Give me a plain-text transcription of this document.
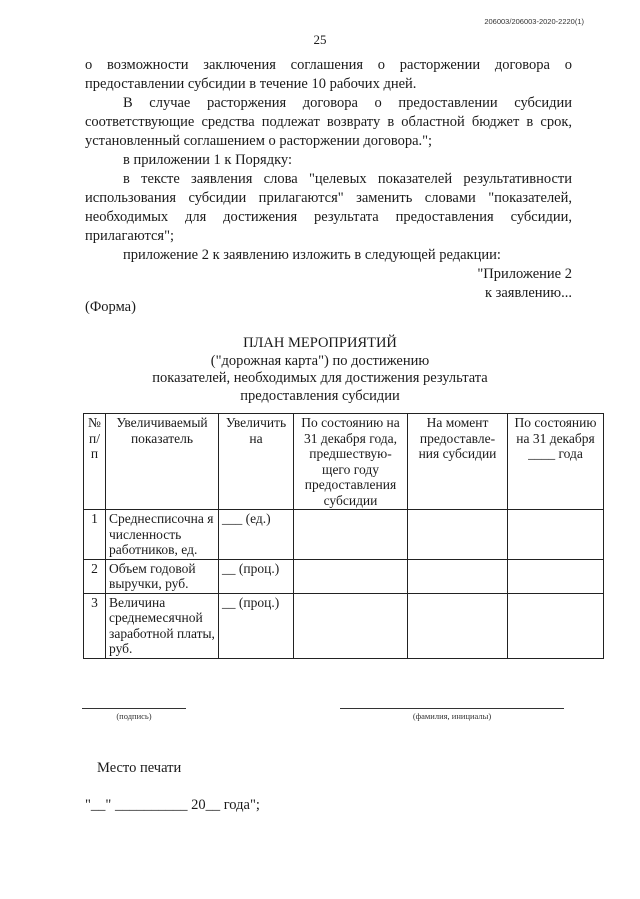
206003/206003-2020-2220(1)
25

о возможности заключения соглашения о расторжении договора о предоставлении субсидии в течение 10 рабочих дней.

В случае расторжения договора о предоставлении субсидии соответствующие средства подлежат возврату в областной бюджет в срок, установленный соглашением о расторжении договора.";

в приложении 1 к Порядку:

в тексте заявления слова "целевых показателей результативности использования субсидии прилагаются" заменить словами "показателей, необходимых для достижения результата предоставления субсидии, прилагаются";

приложение 2 к заявлению изложить в следующей редакции:

"Приложение 2
к заявлению...
(Форма)
ПЛАН МЕРОПРИЯТИЙ
("дорожная карта") по достижению
показателей, необходимых для достижения результата
предоставления субсидии
№ п/п	Увеличиваемый показатель	Увеличить на	По состоянию на 31 декабря года, предшествую-щего году предоставления субсидии	На момент предоставле-ния субсидии	По состоянию на 31 декабря ____ года
1	Среднесписочна я численность работников, ед.	___ (ед.)			
2	Объем годовой выручки, руб.	__ (проц.)			
3	Величина среднемесячной заработной платы, руб.	__ (проц.)			
(подпись)	(фамилия, инициалы)
Место печати
"__" __________ 20__ года";
